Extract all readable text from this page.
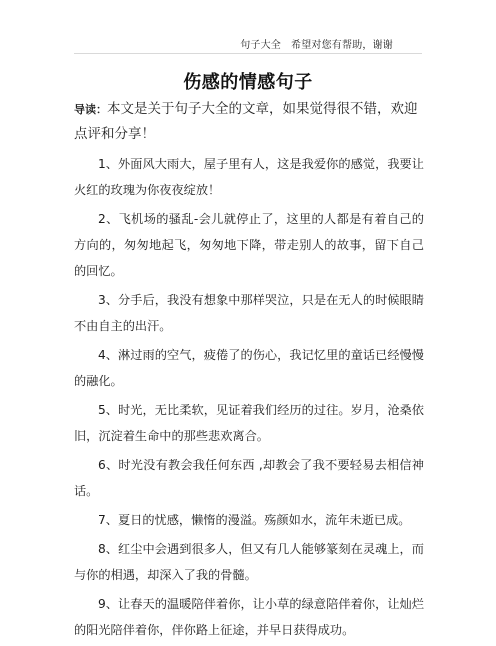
句子大全 希望对您有帮助，谢谢
伤感的情感句子

导读：本文是关于句子大全的文章，如果觉得很不错，欢迎点评和分享！

1、外面风大雨大，屋子里有人，这是我爱你的感觉，我要让火红的玫瑰为你夜夜绽放！

2、飞机场的骚乱-会儿就停止了，这里的人都是有着自己的方向的，匆匆地起飞，匆匆地下降，带走别人的故事，留下自己的回忆。

3、分手后，我没有想象中那样哭泣，只是在无人的时候眼睛不由自主的出汗。

4、淋过雨的空气，疲倦了的伤心，我记忆里的童话已经慢慢的融化。

5、时光，无比柔软，见证着我们经历的过往。岁月，沧桑依旧，沉淀着生命中的那些悲欢离合。

6、时光没有教会我任何东西 ,却教会了我不要轻易去相信神话。

7、夏日的忧感，懒惰的漫溢。殇颜如水，流年未逝已成。

8、红尘中会遇到很多人，但又有几人能够篆刻在灵魂上，而与你的相遇，却深入了我的骨髓。

9、让春天的温暖陪伴着你，让小草的绿意陪伴着你，让灿烂的阳光陪伴着你，伴你路上征途，并早日获得成功。
